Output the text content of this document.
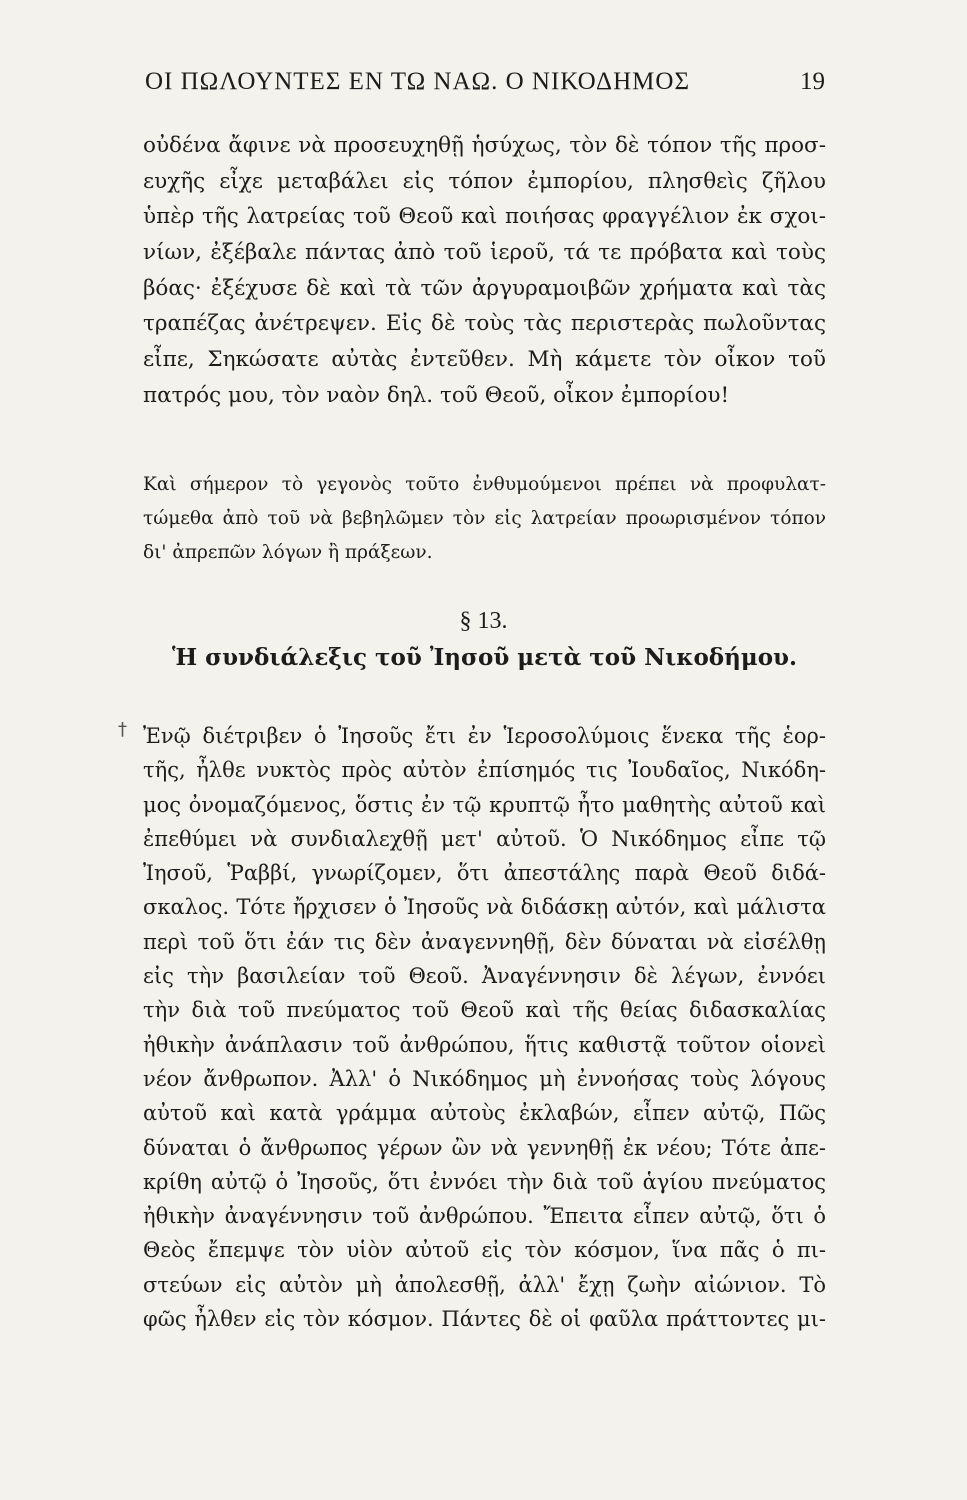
ΟΙ ΠΩΛΟΥΝΤΕΣ ΕΝ ΤΩ ΝΑΩ. Ο ΝΙΚΟΔΗΜΟΣ	19
οὐδένα ἄφινε νὰ προσευχηθῇ ἡσύχως, τὸν δὲ τόπον τῆς προσ-
ευχῆς εἶχε μεταβάλει εἰς τόπον ἐμπορίου, πλησθεὶς ζῆλου
ὑπὲρ τῆς λατρείας τοῦ Θεοῦ καὶ ποιήσας φραγγέλιον ἐκ σχοι-
νίων, ἐξέβαλε πάντας ἀπὸ τοῦ ἱεροῦ, τά τε πρόβατα καὶ τοὺς
βόας· ἐξέχυσε δὲ καὶ τὰ τῶν ἀργυραμοιβῶν χρήματα καὶ τὰς
τραπέζας ἀνέτρεψεν. Εἰς δὲ τοὺς τὰς περιστερὰς πωλοῦντας
εἶπε, Σηκώσατε αὐτὰς ἐντεῦθεν. Μὴ κάμετε τὸν οἶκον τοῦ
πατρός μου, τὸν ναὸν δηλ. τοῦ Θεοῦ, οἶκον ἐμπορίου!
Καὶ σήμερον τὸ γεγονὸς τοῦτο ἐνθυμούμενοι πρέπει νὰ προφυλατ-
τώμεθα ἀπὸ τοῦ νὰ βεβηλῶμεν τὸν εἰς λατρείαν προωρισμένον τόπον
δι' ἀπρεπῶν λόγων ἢ πράξεων.
§ 13.
Ἡ συνδιάλεξις τοῦ Ἰησοῦ μετὰ τοῦ Νικοδήμου.
† Ἐνῷ διέτριβεν ὁ Ἰησοῦς ἔτι ἐν Ἱεροσολύμοις ἕνεκα τῆς ἑορ-
τῆς, ἦλθε νυκτὸς πρὸς αὐτὸν ἐπίσημός τις Ἰουδαῖος, Νικόδη-
μος ὀνομαζόμενος, ὅστις ἐν τῷ κρυπτῷ ἦτο μαθητὴς αὐτοῦ καὶ
ἐπεθύμει νὰ συνδιαλεχθῇ μετ' αὐτοῦ. Ὁ Νικόδημος εἶπε τῷ
Ἰησοῦ, Ῥαββί, γνωρίζομεν, ὅτι ἀπεστάλης παρὰ Θεοῦ διδά-
σκαλος. Τότε ἤρχισεν ὁ Ἰησοῦς νὰ διδάσκῃ αὐτόν, καὶ μάλιστα
περὶ τοῦ ὅτι ἐάν τις δὲν ἀναγεννηθῇ, δὲν δύναται νὰ εἰσέλθῃ
εἰς τὴν βασιλείαν τοῦ Θεοῦ. Ἀναγέννησιν δὲ λέγων, ἐννόει
τὴν διὰ τοῦ πνεύματος τοῦ Θεοῦ καὶ τῆς θείας διδασκαλίας
ἠθικὴν ἀνάπλασιν τοῦ ἀνθρώπου, ἥτις καθιστᾷ τοῦτον οἱονεὶ
νέον ἄνθρωπον. Ἀλλ' ὁ Νικόδημος μὴ ἐννοήσας τοὺς λόγους
αὐτοῦ καὶ κατὰ γράμμα αὐτοὺς ἐκλαβών, εἶπεν αὐτῷ, Πῶς
δύναται ὁ ἄνθρωπος γέρων ὢν νὰ γεννηθῇ ἐκ νέου; Τότε ἀπε-
κρίθη αὐτῷ ὁ Ἰησοῦς, ὅτι ἐννόει τὴν διὰ τοῦ ἁγίου πνεύματος
ἠθικὴν ἀναγέννησιν τοῦ ἀνθρώπου. Ἔπειτα εἶπεν αὐτῷ, ὅτι ὁ
Θεὸς ἔπεμψε τὸν υἱὸν αὐτοῦ εἰς τὸν κόσμον, ἵνα πᾶς ὁ πι-
στεύων εἰς αὐτὸν μὴ ἀπολεσθῇ, ἀλλ' ἔχῃ ζωὴν αἰώνιον. Τὸ
φῶς ἦλθεν εἰς τὸν κόσμον. Πάντες δὲ οἱ φαῦλα πράττοντες μι-
